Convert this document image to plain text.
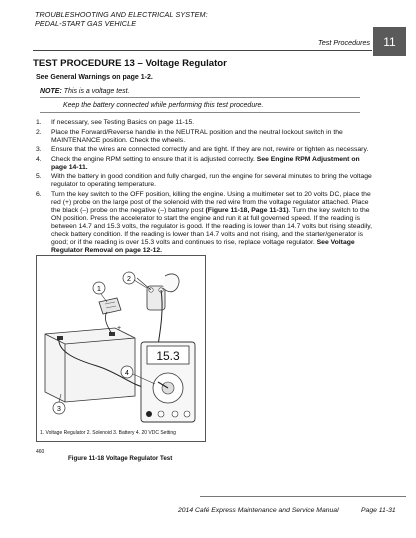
TROUBLESHOOTING AND ELECTRICAL SYSTEM:
PEDAL-START GAS VEHICLE
Test Procedures	11
TEST PROCEDURE 13 – Voltage Regulator
See General Warnings on page 1-2.
NOTE: This is a voltage test.
Keep the battery connected while performing this test procedure.
1.	If necessary, see Testing Basics on page 11-15.
2.	Place the Forward/Reverse handle in the NEUTRAL position and the neutral lockout switch in the MAINTENANCE position. Check the wheels.
3.	Ensure that the wires are connected correctly and are tight. If they are not, rewire or tighten as necessary.
4.	Check the engine RPM setting to ensure that it is adjusted correctly. See Engine RPM Adjustment on page 14-11.
5.	With the battery in good condition and fully charged, run the engine for several minutes to bring the voltage regulator to operating temperature.
6.	Turn the key switch to the OFF position, killing the engine. Using a multimeter set to 20 volts DC, place the red (+) probe on the large post of the solenoid with the red wire from the voltage regulator attached. Place the black (–) probe on the negative (–) battery post (Figure 11-18, Page 11-31). Turn the key switch to the ON position. Press the accelerator to start the engine and run it at full governed speed. If the reading is between 14.7 and 15.3 volts, the regulator is good. If the reading is lower than 14.7 volts but rising steadily, check battery condition. If the reading is lower than 14.7 volts and not rising, and the starter/generator is good; or if the reading is over 15.3 volts and continues to rise, replace voltage regulator. See Voltage Regulator Removal on page 12-12.
+
15.3
1
2
3
4
1. Voltage Regulator 2. Solenoid 3. Battery 4. 20 VDC Setting
460
Figure 11-18 Voltage Regulator Test
2014 Café Express Maintenance and Service Manual	Page 11-31
